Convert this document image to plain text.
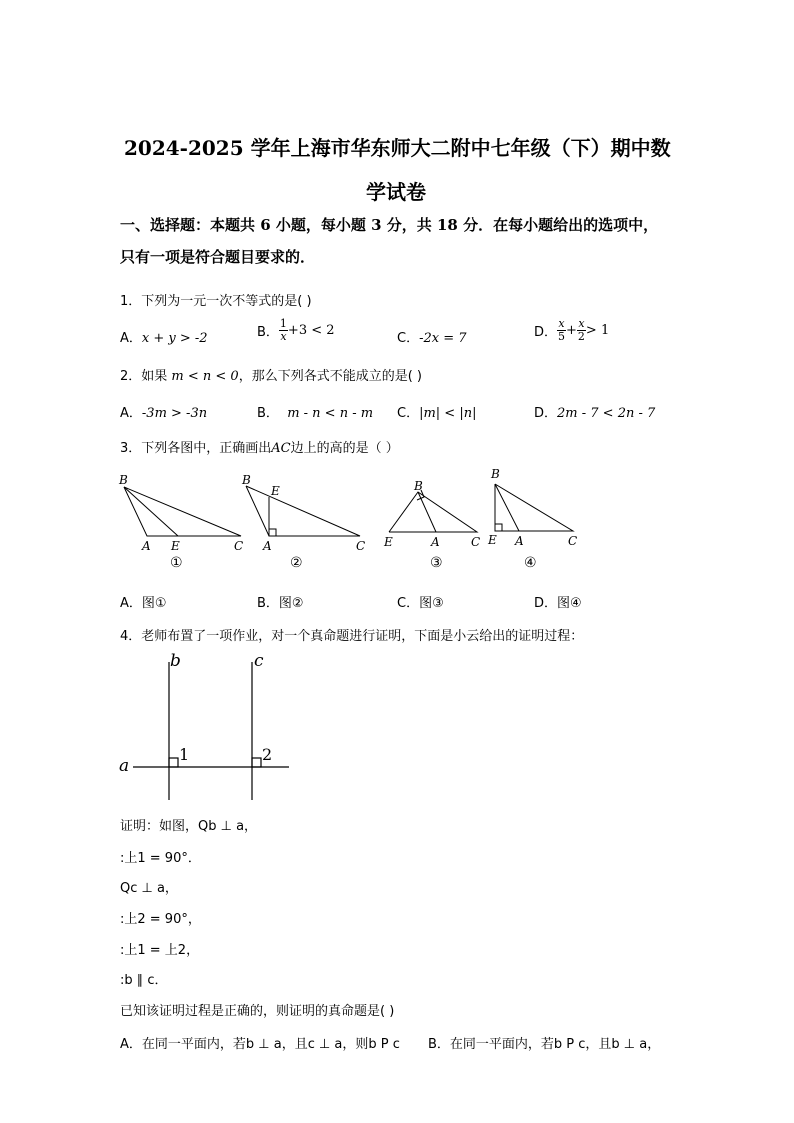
2024-2025 学年上海市华东师大二附中七年级（下）期中数
学试卷
一、选择题：本题共 6 小题，每小题 3 分，共 18 分．在每小题给出的选项中，
只有一项是符合题目要求的．
1．下列为一元一次不等式的是( )
A．x + y > -2	B． $\frac{1}{x} +3 < 2$
C．-2x = 7	D． $\frac{x}{5} + \frac{x}{2} > 1$
2．如果 m < n < 0，那么下列各式不能成立的是( )
A．-3m > -3n	B． m - n < n - m C．|m| < |n|	D．2m - 7 < 2n - 7
3．下列各图中，正确画出AC边上的高的是（ ）
B
A E	C
B
E
A	C
B
E	A	C
B
E A	C
①	②	③	④
A．图①	B．图②	C．图③	D．图④
4．老师布置了一项作业，对一个真命题进行证明，下面是小云给出的证明过程：
b	c
a
1	2
证明：如图，Qb ⊥ a，
:上1 = 90°．
Qc ⊥ a，
:上2 = 90°，
:上1 = 上2，
:b ∥ c．
已知该证明过程是正确的，则证明的真命题是( )
A．在同一平面内，若b ⊥ a，且c ⊥ a，则b P c B．在同一平面内，若b P c，且b ⊥ a，
